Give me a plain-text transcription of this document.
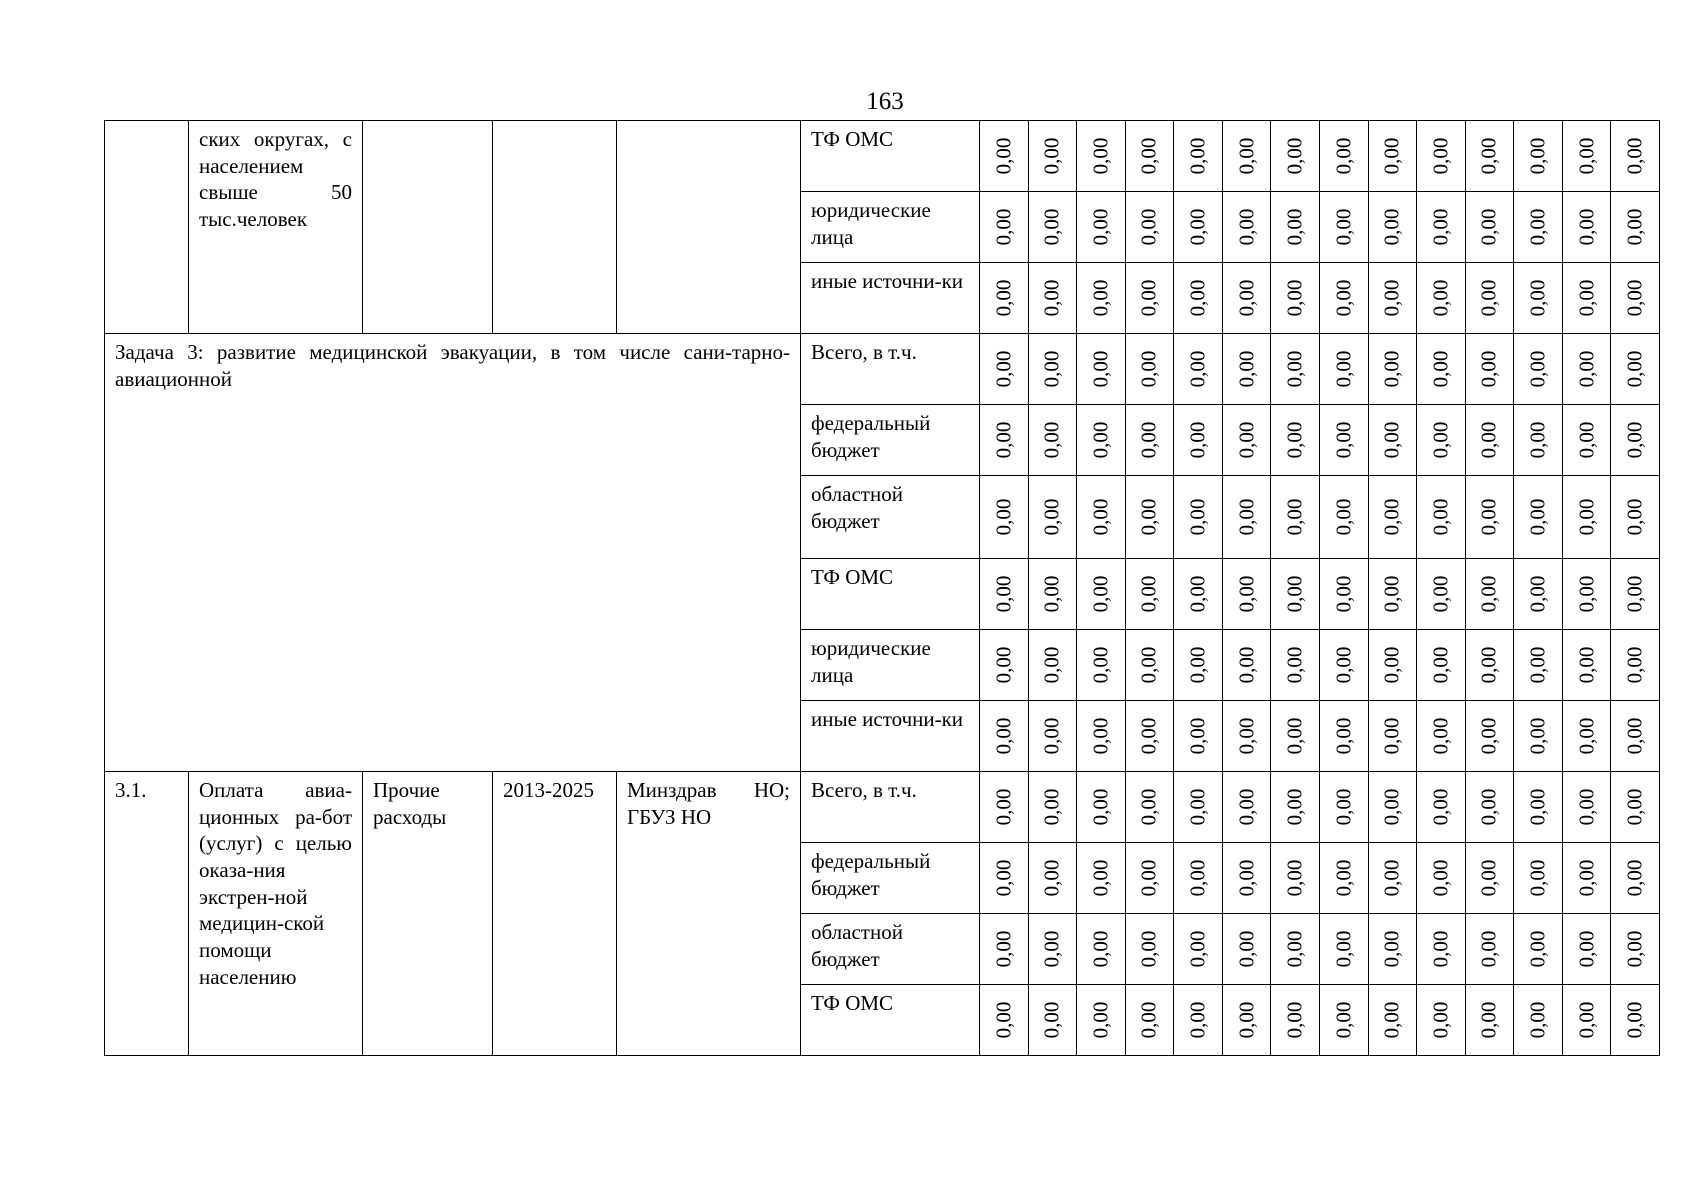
163

	ских округах, с населением свыше 50 тыс.человек				ТФ ОМС	0,00	0,00	0,00	0,00	0,00	0,00	0,00	0,00	0,00	0,00	0,00	0,00	0,00	0,00

					юридические лица	0,00	0,00	0,00	0,00	0,00	0,00	0,00	0,00	0,00	0,00	0,00	0,00	0,00	0,00

					иные источни-ки	0,00	0,00	0,00	0,00	0,00	0,00	0,00	0,00	0,00	0,00	0,00	0,00	0,00	0,00

Задача 3: развитие медицинской эвакуации, в том числе сани-тарно-авиационной					Всего, в т.ч.	0,00	0,00	0,00	0,00	0,00	0,00	0,00	0,00	0,00	0,00	0,00	0,00	0,00	0,00

					федеральный бюджет	0,00	0,00	0,00	0,00	0,00	0,00	0,00	0,00	0,00	0,00	0,00	0,00	0,00	0,00

					областной бюджет	0,00	0,00	0,00	0,00	0,00	0,00	0,00	0,00	0,00	0,00	0,00	0,00	0,00	0,00

					ТФ ОМС	0,00	0,00	0,00	0,00	0,00	0,00	0,00	0,00	0,00	0,00	0,00	0,00	0,00	0,00

					юридические лица	0,00	0,00	0,00	0,00	0,00	0,00	0,00	0,00	0,00	0,00	0,00	0,00	0,00	0,00

					иные источни-ки	0,00	0,00	0,00	0,00	0,00	0,00	0,00	0,00	0,00	0,00	0,00	0,00	0,00	0,00

3.1.	Оплата авиа-ционных ра-бот (услуг) с целью оказа-ния экстрен-ной медицин-ской помощи населению	Прочие расходы	2013-2025	Минздрав НО; ГБУЗ НО	Всего, в т.ч.	0,00	0,00	0,00	0,00	0,00	0,00	0,00	0,00	0,00	0,00	0,00	0,00	0,00	0,00

					федеральный бюджет	0,00	0,00	0,00	0,00	0,00	0,00	0,00	0,00	0,00	0,00	0,00	0,00	0,00	0,00

					областной бюджет	0,00	0,00	0,00	0,00	0,00	0,00	0,00	0,00	0,00	0,00	0,00	0,00	0,00	0,00

					ТФ ОМС	0,00	0,00	0,00	0,00	0,00	0,00	0,00	0,00	0,00	0,00	0,00	0,00	0,00	0,00
